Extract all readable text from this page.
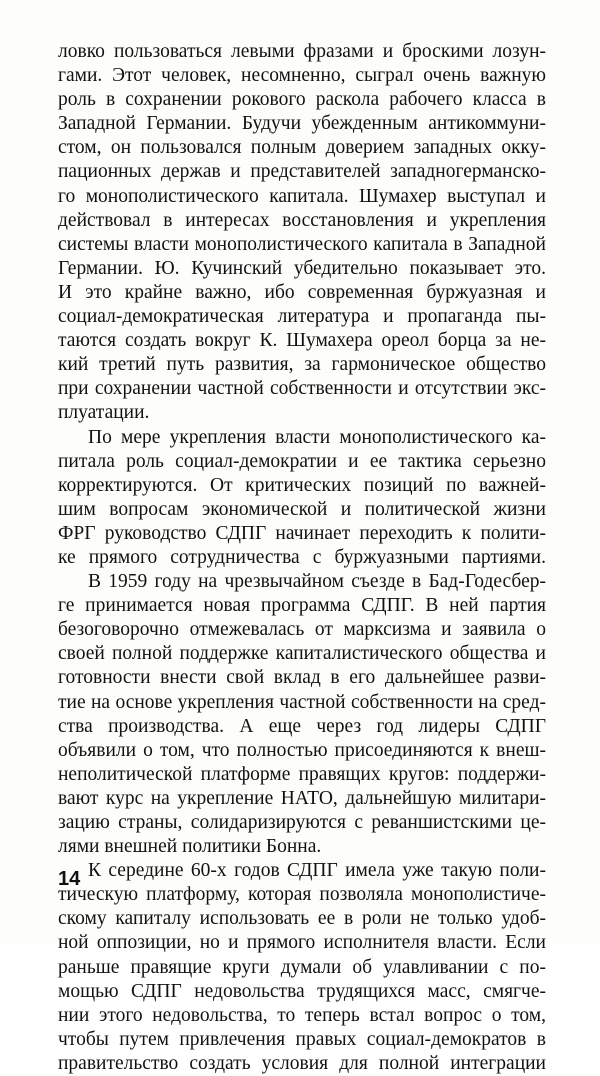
ловко пользоваться левыми фразами и броскими лозун-
гами. Этот человек, несомненно, сыграл очень важную
роль в сохранении рокового раскола рабочего класса в
Западной Германии. Будучи убежденным антикоммуни-
стом, он пользовался полным доверием западных окку-
пационных держав и представителей западногерманско-
го монополистического капитала. Шумахер выступал и
действовал в интересах восстановления и укрепления
системы власти монополистического капитала в Западной
Германии. Ю. Кучинский убедительно показывает это.
И это крайне важно, ибо современная буржуазная и
социал-демократическая литература и пропаганда пы-
таются создать вокруг К. Шумахера ореол борца за не-
кий третий путь развития, за гармоническое общество
при сохранении частной собственности и отсутствии экс-
плуатации.
По мере укрепления власти монополистического ка-
питала роль социал-демократии и ее тактика серьезно
корректируются. От критических позиций по важней-
шим вопросам экономической и политической жизни
ФРГ руководство СДПГ начинает переходить к полити-
ке прямого сотрудничества с буржуазными партиями.
В 1959 году на чрезвычайном съезде в Бад-Годесбер-
ге принимается новая программа СДПГ. В ней партия
безоговорочно отмежевалась от марксизма и заявила о
своей полной поддержке капиталистического общества и
готовности внести свой вклад в его дальнейшее разви-
тие на основе укрепления частной собственности на сред-
ства производства. А еще через год лидеры СДПГ
объявили о том, что полностью присоединяются к внеш-
неполитической платформе правящих кругов: поддержи-
вают курс на укрепление НАТО, дальнейшую милитари-
зацию страны, солидаризируются с реваншистскими це-
лями внешней политики Бонна.
К середине 60-х годов СДПГ имела уже такую поли-
тическую платформу, которая позволяла монополистиче-
скому капиталу использовать ее в роли не только удоб-
ной оппозиции, но и прямого исполнителя власти. Если
раньше правящие круги думали об улавливании с по-
мощью СДПГ недовольства трудящихся масс, смягче-
нии этого недовольства, то теперь встал вопрос о том,
чтобы путем привлечения правых социал-демократов в
правительство создать условия для полной интеграции
14
